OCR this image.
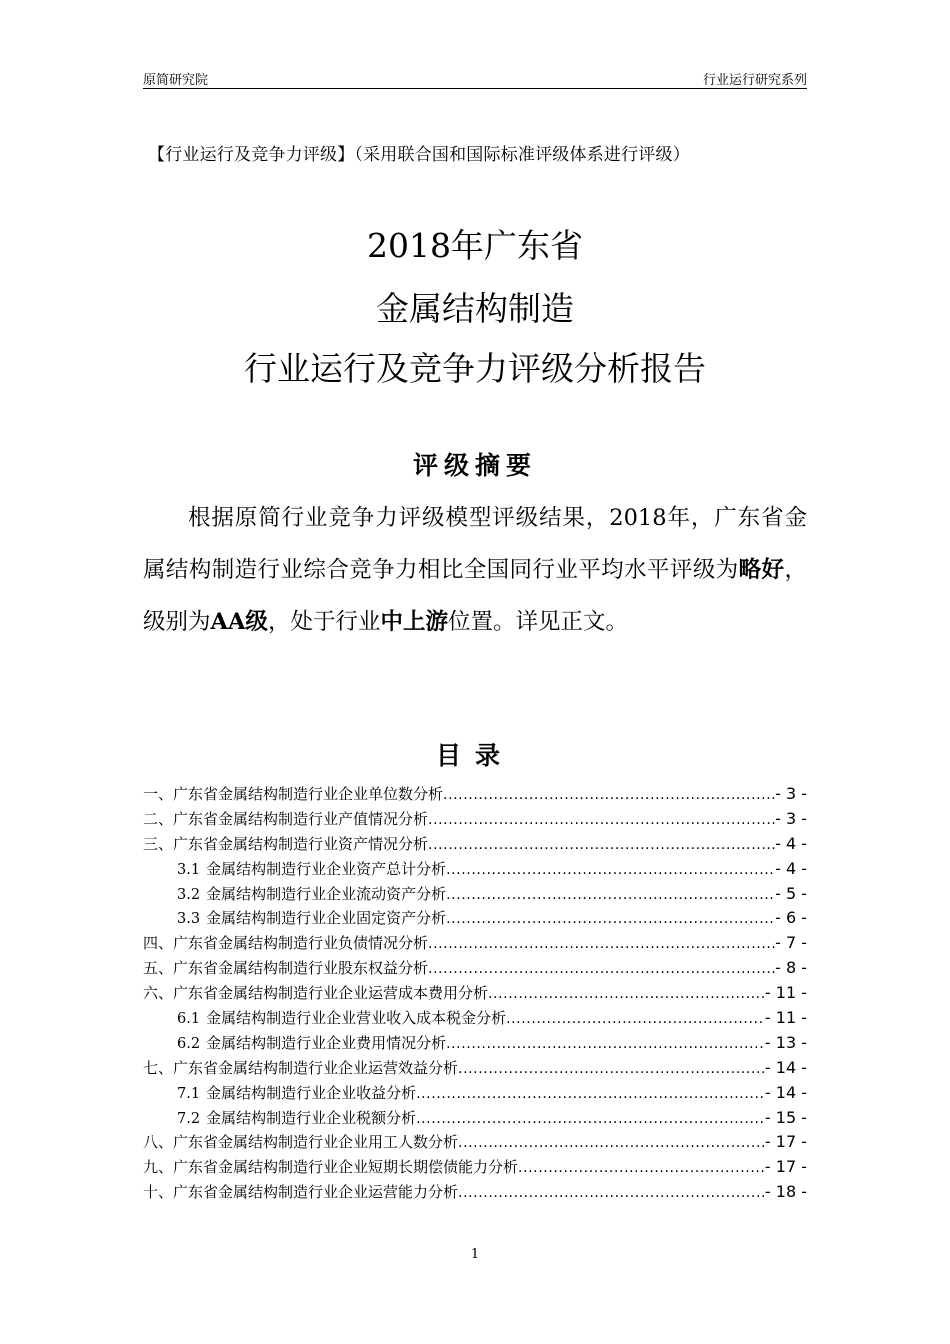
原简研究院	行业运行研究系列
【行业运行及竞争力评级】（采用联合国和国际标准评级体系进行评级）
2018年广东省
金属结构制造
行业运行及竞争力评级分析报告
评级摘要
根据原简行业竞争力评级模型评级结果，2018年，广东省金属结构制造行业综合竞争力相比全国同行业平均水平评级为略好，级别为AA级，处于行业中上游位置。详见正文。
目录
一、广东省金属结构制造行业企业单位数分析 .....	- 3 -
二、广东省金属结构制造行业产值情况分析 .....	- 3 -
三、广东省金属结构制造行业资产情况分析 .....	- 4 -
3.1 金属结构制造行业企业资产总计分析 .....	- 4 -
3.2 金属结构制造行业企业流动资产分析 .....	- 5 -
3.3 金属结构制造行业企业固定资产分析 .....	- 6 -
四、广东省金属结构制造行业负债情况分析 .....	- 7 -
五、广东省金属结构制造行业股东权益分析 .....	- 8 -
六、广东省金属结构制造行业企业运营成本费用分析 .....	- 11 -
6.1 金属结构制造行业企业营业收入成本税金分析 .....	- 11 -
6.2 金属结构制造行业企业费用情况分析 .....	- 13 -
七、广东省金属结构制造行业企业运营效益分析 .....	- 14 -
7.1 金属结构制造行业企业收益分析 .....	- 14 -
7.2 金属结构制造行业企业税额分析 .....	- 15 -
八、广东省金属结构制造行业企业用工人数分析 .....	- 17 -
九、广东省金属结构制造行业企业短期长期偿债能力分析 .....	- 17 -
十、广东省金属结构制造行业企业运营能力分析 .....	- 18 -
1
